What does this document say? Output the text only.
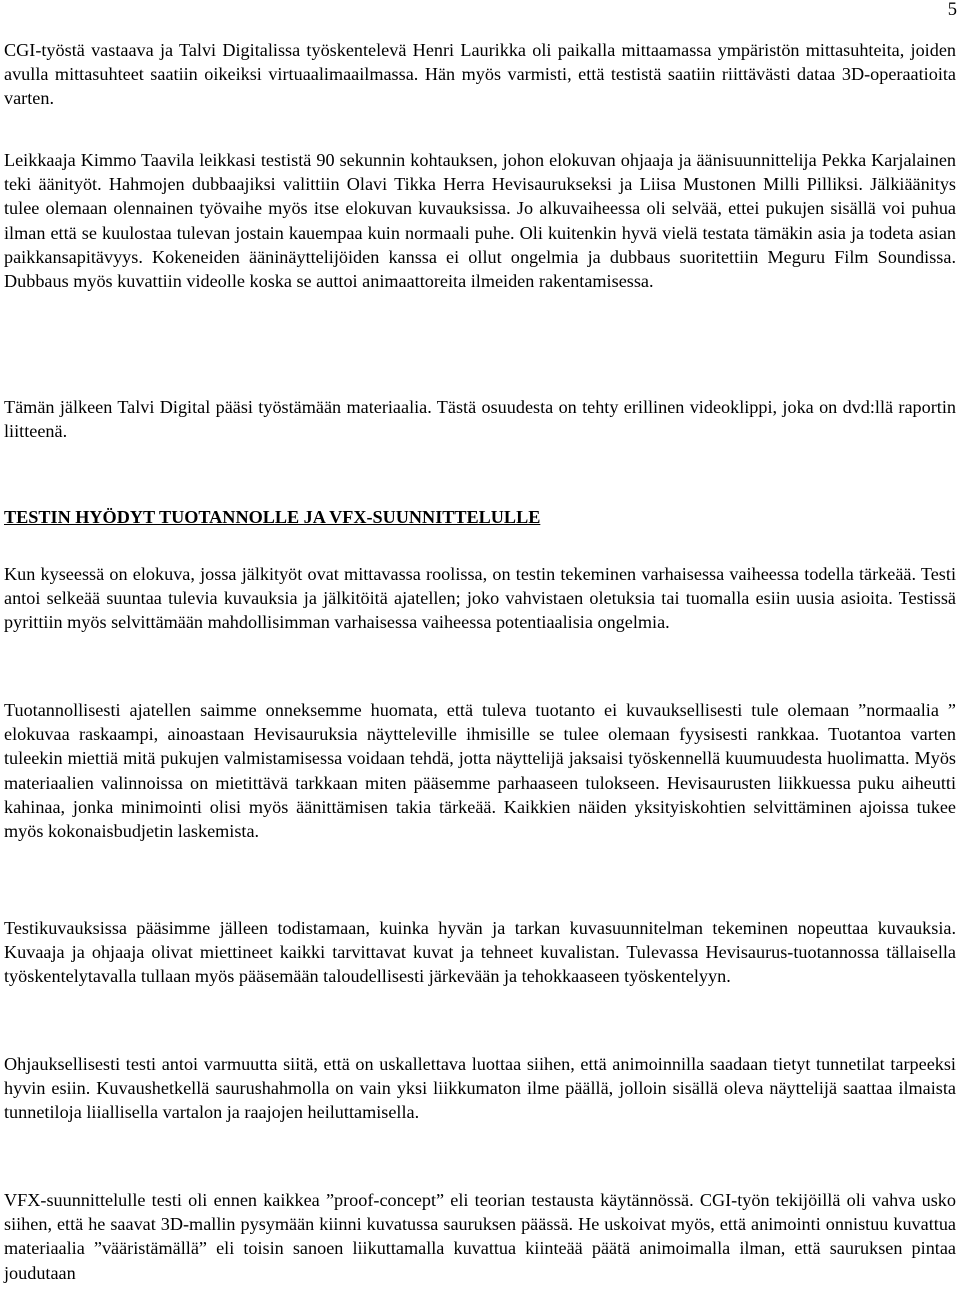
5

CGI-työstä vastaava ja Talvi Digitalissa työskentelevä Henri Laurikka oli paikalla mittaamassa ympäristön mittasuhteita, joiden avulla mittasuhteet saatiin oikeiksi virtuaalimaailmassa. Hän myös varmisti, että testistä saatiin riittävästi dataa 3D-operaatioita varten.

Leikkaaja Kimmo Taavila leikkasi testistä 90 sekunnin kohtauksen, johon elokuvan ohjaaja ja äänisuunnittelija Pekka Karjalainen teki äänityöt. Hahmojen dubbaajiksi valittiin Olavi Tikka Herra Hevisaurukseksi ja Liisa Mustonen Milli Pilliksi. Jälkiäänitys tulee olemaan olennainen työvaihe myös itse elokuvan kuvauksissa. Jo alkuvaiheessa oli selvää, ettei pukujen sisällä voi puhua ilman että se kuulostaa tulevan jostain kauempaa kuin normaali puhe. Oli kuitenkin hyvä vielä testata tämäkin asia ja todeta asian paikkansapitävyys. Kokeneiden ääninäyttelijöiden kanssa ei ollut ongelmia ja dubbaus suoritettiin Meguru Film Soundissa. Dubbaus myös kuvattiin videolle koska se auttoi animaattoreita ilmeiden rakentamisessa.

Tämän jälkeen Talvi Digital pääsi työstämään materiaalia. Tästä osuudesta on tehty erillinen videoklippi, joka on dvd:llä raportin liitteenä.

TESTIN HYÖDYT TUOTANNOLLE JA VFX-SUUNNITTELULLE

Kun kyseessä on elokuva, jossa jälkityöt ovat mittavassa roolissa, on testin tekeminen varhaisessa vaiheessa todella tärkeää. Testi antoi selkeää suuntaa tulevia kuvauksia ja jälkitöitä ajatellen; joko vahvistaen oletuksia tai tuomalla esiin uusia asioita. Testissä pyrittiin myös selvittämään mahdollisimman varhaisessa vaiheessa potentiaalisia ongelmia.

Tuotannollisesti ajatellen saimme onneksemme huomata, että tuleva tuotanto ei kuvauksellisesti tule olemaan ”normaalia ” elokuvaa raskaampi, ainoastaan Hevisauruksia näytteleville ihmisille se tulee olemaan fyysisesti rankkaa. Tuotantoa varten tuleekin miettiä mitä pukujen valmistamisessa voidaan tehdä, jotta näyttelijä jaksaisi työskennellä kuumuudesta huolimatta. Myös materiaalien valinnoissa on mietittävä tarkkaan miten pääsemme parhaaseen tulokseen. Hevisaurusten liikkuessa puku aiheutti kahinaa, jonka minimointi olisi myös äänittämisen takia tärkeää. Kaikkien näiden yksityiskohtien selvittäminen ajoissa tukee myös kokonaisbudjetin laskemista.

Testikuvauksissa pääsimme jälleen todistamaan, kuinka hyvän ja tarkan kuvasuunnitelman tekeminen nopeuttaa kuvauksia. Kuvaaja ja ohjaaja olivat miettineet kaikki tarvittavat kuvat ja tehneet kuvalistan. Tulevassa Hevisaurus-tuotannossa tällaisella työskentelytavalla tullaan myös pääsemään taloudellisesti järkevään ja tehokkaaseen työskentelyyn.

Ohjauksellisesti testi antoi varmuutta siitä, että on uskallettava luottaa siihen, että animoinnilla saadaan tietyt tunnetilat tarpeeksi hyvin esiin. Kuvaushetkellä saurushahmolla on vain yksi liikkumaton ilme päällä, jolloin sisällä oleva näyttelijä saattaa ilmaista tunnetiloja liiallisella vartalon ja raajojen heiluttamisella.

VFX-suunnittelulle testi oli ennen kaikkea ”proof-concept” eli teorian testausta käytännössä. CGI-työn tekijöillä oli vahva usko siihen, että he saavat 3D-mallin pysymään kiinni kuvatussa sauruksen päässä. He uskoivat myös, että animointi onnistuu kuvattua materiaalia ”vääristämällä” eli toisin sanoen liikuttamalla kuvattua kiinteää päätä animoimalla ilman, että sauruksen pintaa joudutaan
